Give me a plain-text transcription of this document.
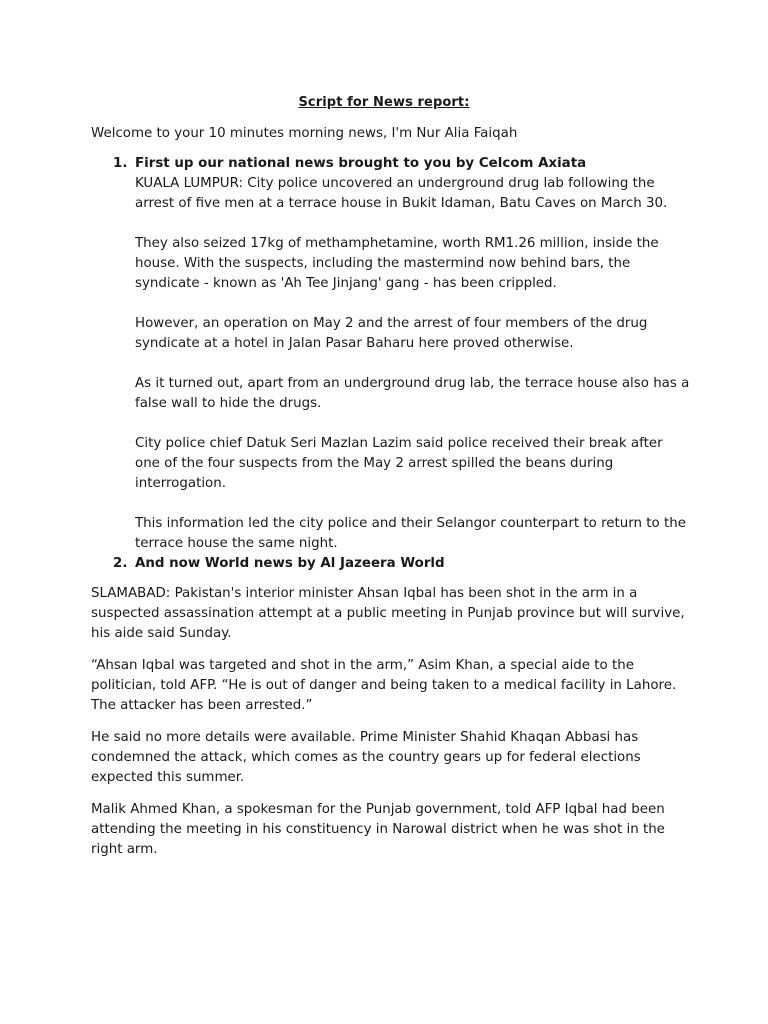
Script for News report:

Welcome to your 10 minutes morning news, I'm Nur Alia Faiqah

1. First up our national news brought to you by Celcom Axiata

KUALA LUMPUR: City police uncovered an underground drug lab following the arrest of five men at a terrace house in Bukit Idaman, Batu Caves on March 30.

They also seized 17kg of methamphetamine, worth RM1.26 million, inside the house. With the suspects, including the mastermind now behind bars, the syndicate - known as 'Ah Tee Jinjang' gang - has been crippled.

However, an operation on May 2 and the arrest of four members of the drug syndicate at a hotel in Jalan Pasar Baharu here proved otherwise.

As it turned out, apart from an underground drug lab, the terrace house also has a false wall to hide the drugs.

City police chief Datuk Seri Mazlan Lazim said police received their break after one of the four suspects from the May 2 arrest spilled the beans during interrogation.

This information led the city police and their Selangor counterpart to return to the terrace house the same night.

2. And now World news by Al Jazeera World

SLAMABAD: Pakistan's interior minister Ahsan Iqbal has been shot in the arm in a suspected assassination attempt at a public meeting in Punjab province but will survive, his aide said Sunday.

“Ahsan Iqbal was targeted and shot in the arm,” Asim Khan, a special aide to the politician, told AFP. “He is out of danger and being taken to a medical facility in Lahore. The attacker has been arrested.”

He said no more details were available. Prime Minister Shahid Khaqan Abbasi has condemned the attack, which comes as the country gears up for federal elections expected this summer.

Malik Ahmed Khan, a spokesman for the Punjab government, told AFP Iqbal had been attending the meeting in his constituency in Narowal district when he was shot in the right arm.
